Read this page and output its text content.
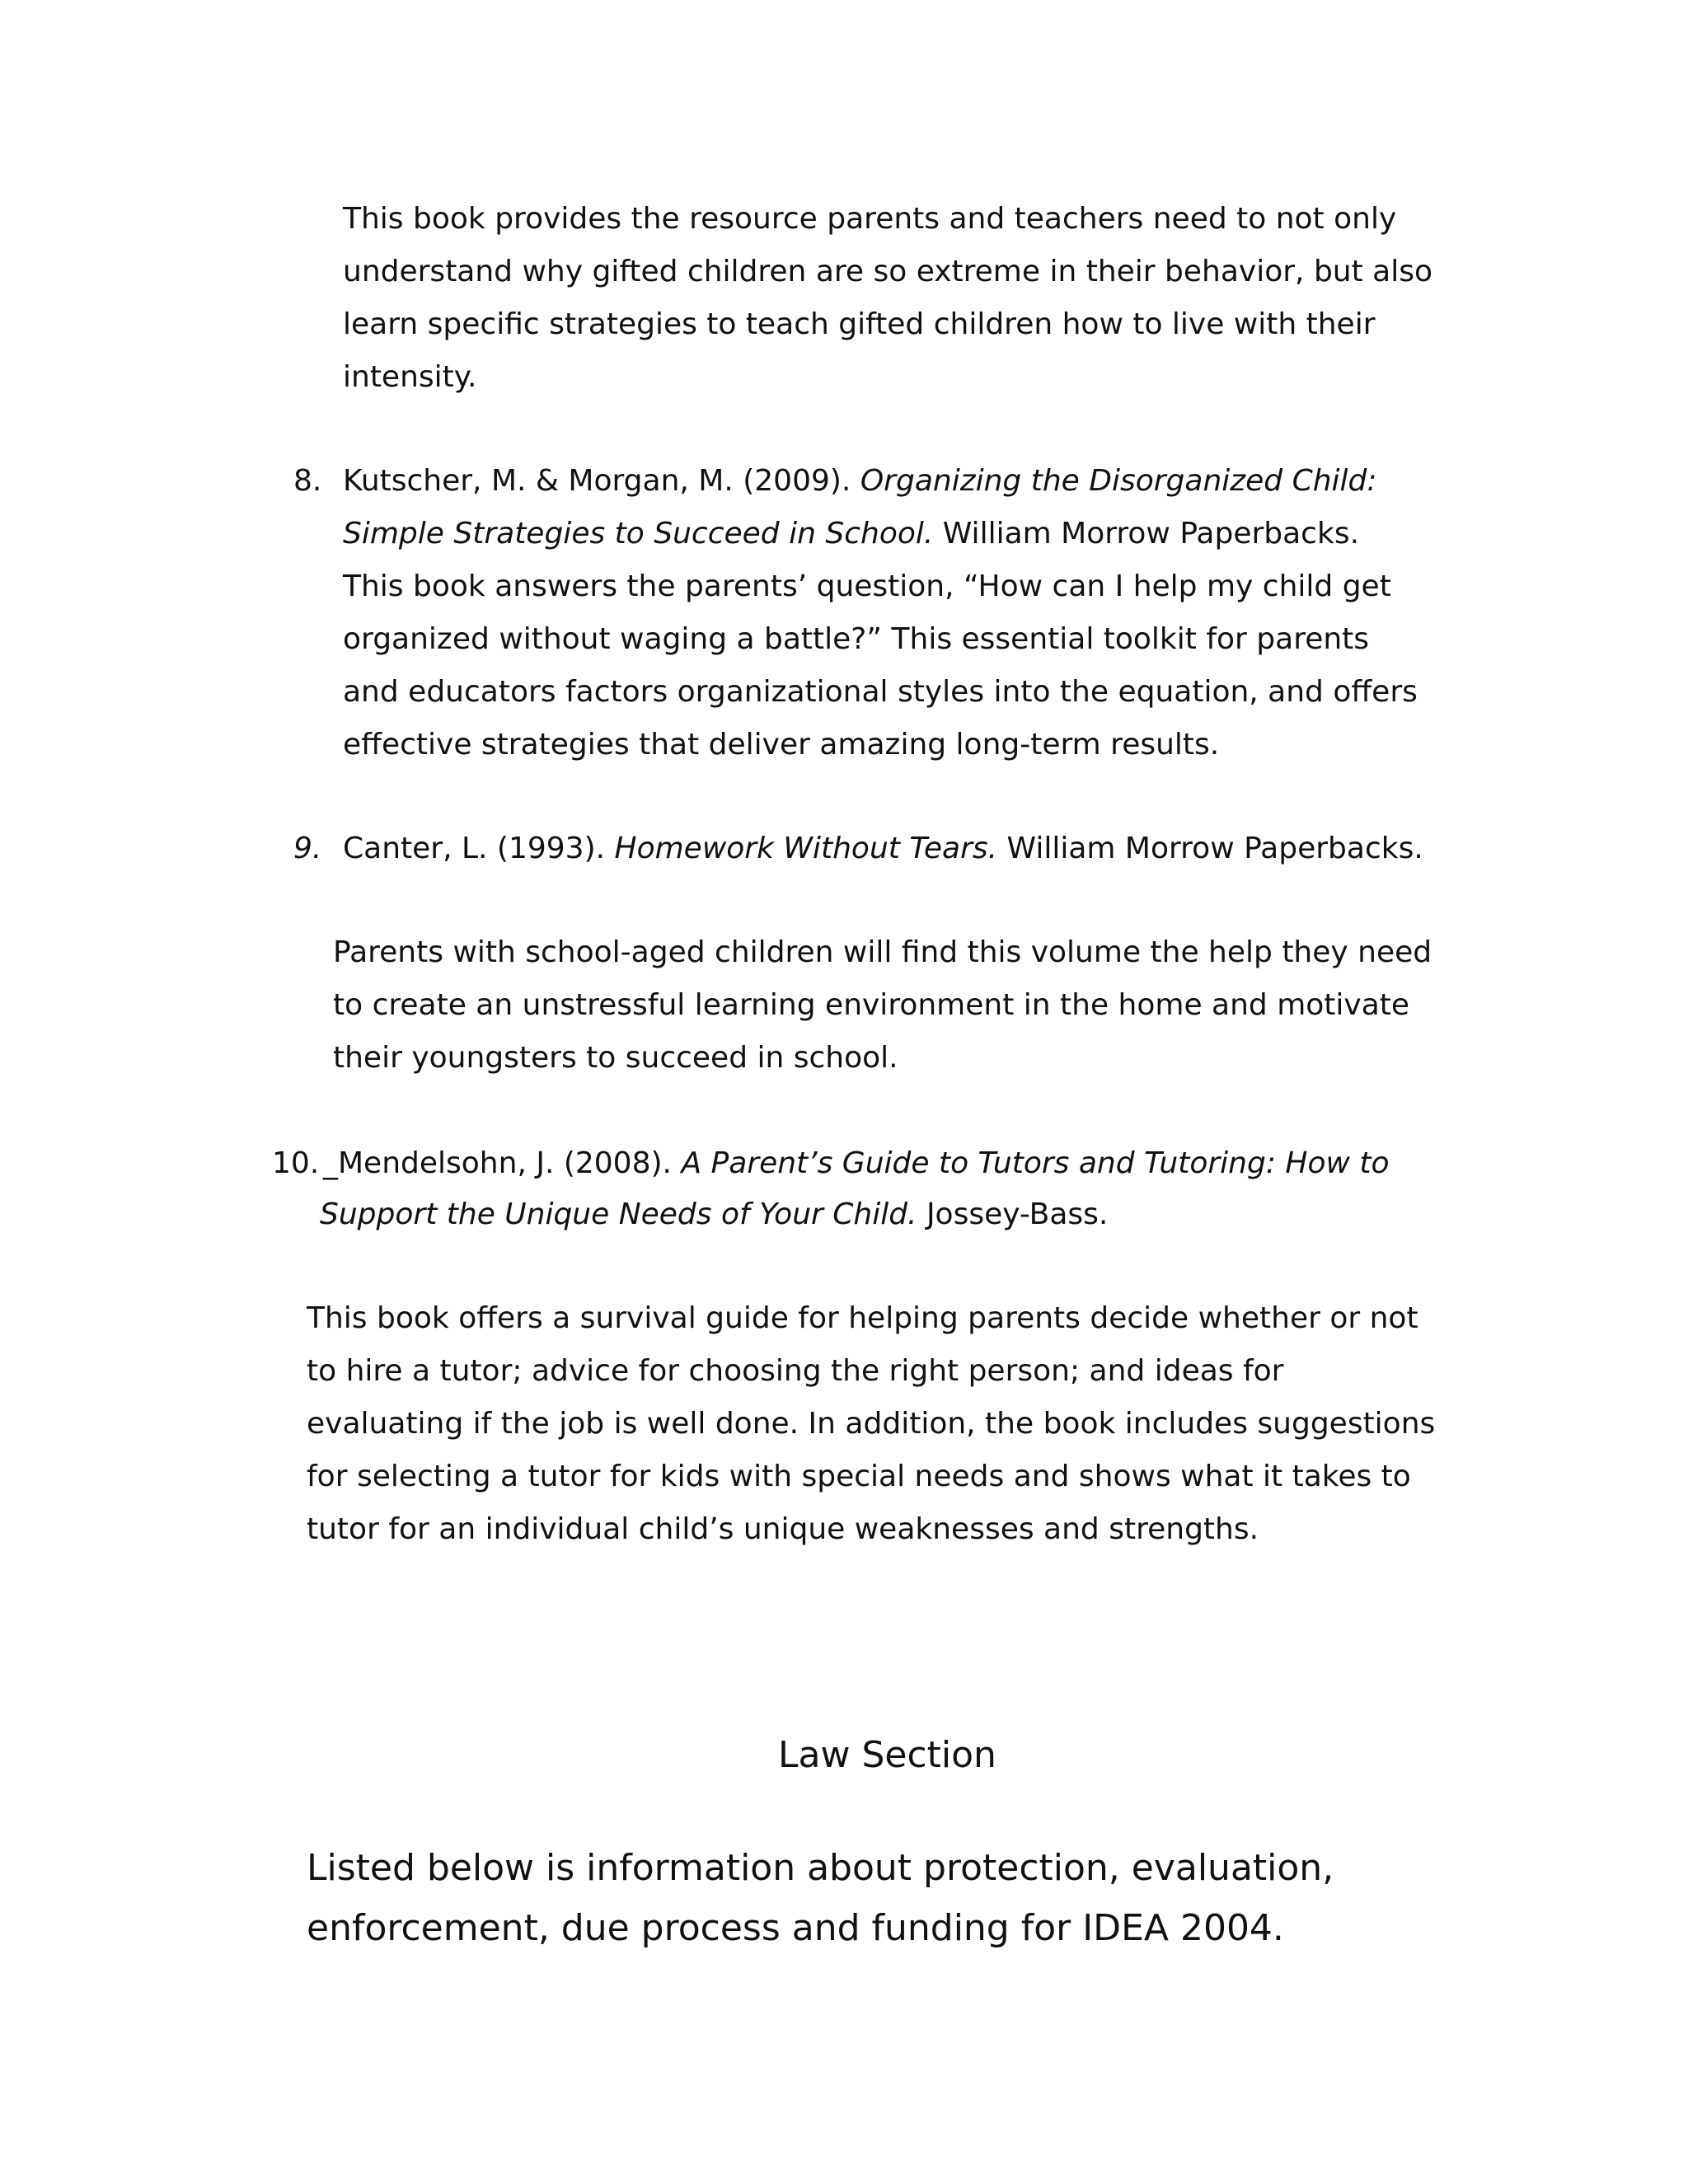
This book provides the resource parents and teachers need to not only
understand why gifted children are so extreme in their behavior, but also
learn specific strategies to teach gifted children how to live with their
intensity.
8. Kutscher, M. & Morgan, M. (2009). Organizing the Disorganized Child:
Simple Strategies to Succeed in School. William Morrow Paperbacks.
This book answers the parents’ question, “How can I help my child get
organized without waging a battle?” This essential toolkit for parents
and educators factors organizational styles into the equation, and offers
effective strategies that deliver amazing long-term results.
9. Canter, L. (1993). Homework Without Tears. William Morrow Paperbacks.
Parents with school-aged children will find this volume the help they need
to create an unstressful learning environment in the home and motivate
their youngsters to succeed in school.
10. _Mendelsohn, J. (2008). A Parent’s Guide to Tutors and Tutoring: How to
Support the Unique Needs of Your Child. Jossey-Bass.
This book offers a survival guide for helping parents decide whether or not
to hire a tutor; advice for choosing the right person; and ideas for
evaluating if the job is well done. In addition, the book includes suggestions
for selecting a tutor for kids with special needs and shows what it takes to
tutor for an individual child’s unique weaknesses and strengths.
Law Section
Listed below is information about protection, evaluation,
enforcement, due process and funding for IDEA 2004.
